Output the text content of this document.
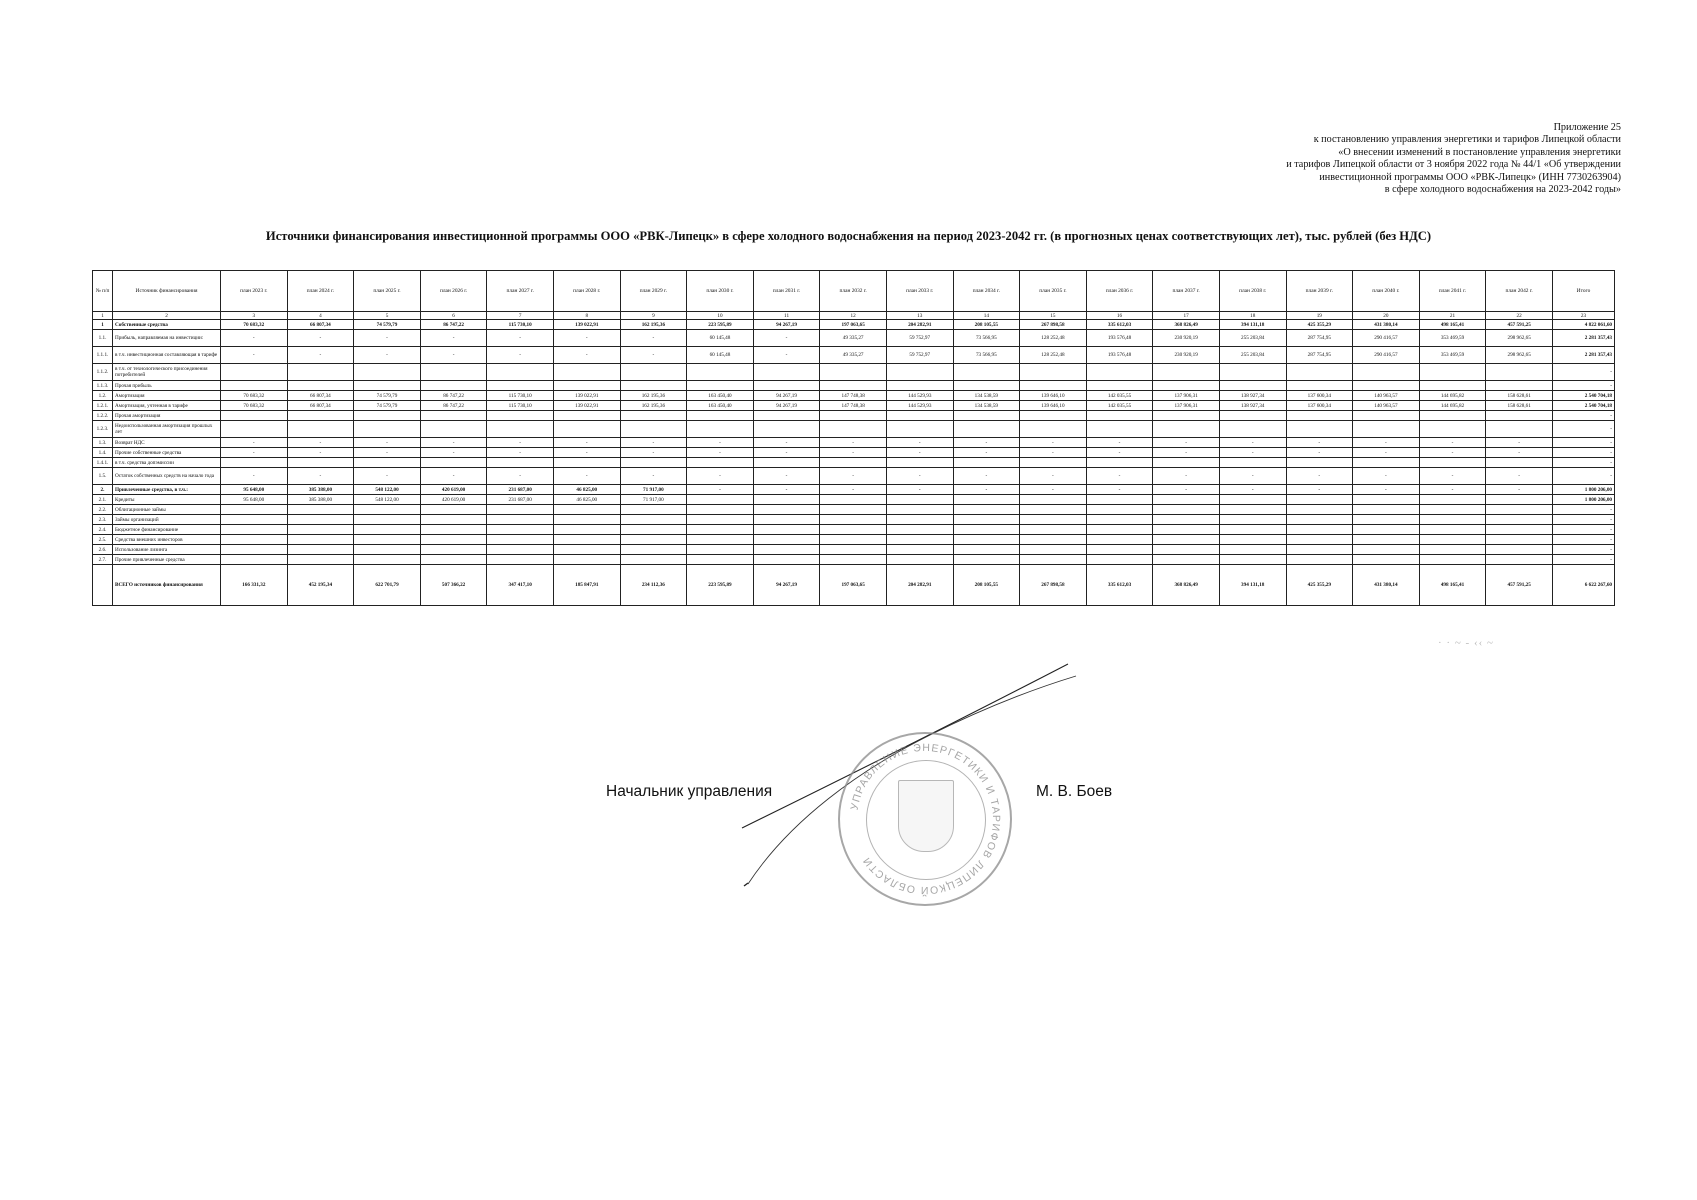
Приложение 25
к постановлению управления энергетики и тарифов Липецкой области
«О внесении изменений в постановление управления энергетики
и тарифов Липецкой области от 3 ноября 2022 года № 44/1 «Об утверждении
инвестиционной программы ООО «РВК-Липецк» (ИНН 7730263904)
в сфере холодного водоснабжения на 2023-2042 годы»
Источники финансирования инвестиционной программы ООО «РВК-Липецк» в сфере холодного водоснабжения на период 2023-2042 гг. (в прогнозных ценах соответствующих лет), тыс. рублей (без НДС)
№ п/п	Источник финансирования	план 2023 г.	план 2024 г.	план 2025 г.	план 2026 г.	план 2027 г.	план 2028 г.	план 2029 г.	план 2030 г.	план 2031 г.	план 2032 г.	план 2033 г.	план 2034 г.	план 2035 г.	план 2036 г.	план 2037 г.	план 2038 г.	план 2039 г.	план 2040 г.	план 2041 г.	план 2042 г.	Итого
1	2	3	4	5	6	7	8	9	10	11	12	13	14	15	16	17	18	19	20	21	22	23
1	Собственные средства	70 683,32	66 807,34	74 579,79	86 747,22	115 730,10	139 022,91	162 195,36	223 595,89	94 267,19	197 063,65	204 282,91	208 105,55	267 898,58	335 612,03	368 826,49	394 131,18	425 355,29	431 380,14	498 165,41	457 591,25	4 822 061,60
1.1.	Прибыль, направляемая на инвестиции:	-	-	-	-	-	-	-	60 145,48	-	49 335,27	59 752,97	73 566,95	128 252,48	193 576,48	230 920,19	255 203,84	287 754,95	290 416,57	353 469,59	298 962,65	2 281 357,43
1.1.1.	в т.ч. инвестиционная составляющая в тарифе	-	-	-	-	-	-	-	60 145,48	-	49 335,27	59 752,97	73 566,95	128 252,48	193 576,48	230 920,19	255 203,84	287 754,95	290 416,57	353 469,59	298 962,65	2 281 357,43
1.1.2.	в т.ч. от технологического присоединения потребителей																					-
1.1.3.	Прочая прибыль																					-
1.2.	Амортизация	70 683,32	66 807,34	74 579,79	86 747,22	115 730,10	139 022,91	162 195,36	163 450,40	94 267,19	147 748,38	144 529,93	134 538,59	139 646,10	142 035,55	137 906,31	138 927,34	137 600,34	140 963,57	144 695,82	158 628,61	2 540 704,18
1.2.1.	Амортизация, учтенная в тарифе	70 683,32	66 807,34	74 579,79	86 747,22	115 730,10	139 022,91	162 195,36	163 450,40	94 267,19	147 748,38	144 529,93	134 538,59	139 646,10	142 035,55	137 906,31	138 927,34	137 600,34	140 963,57	144 695,82	158 628,61	2 540 704,18
1.2.2.	Прочая амортизация																					-
1.2.3.	Недоиспользованная амортизация прошлых лет																					-
1.3.	Возврат НДС	-	-	-	-	-	-	-	-	-	-	-	-	-	-	-	-	-	-	-	-	-
1.4.	Прочие собственные средства	-	-	-	-	-	-	-	-	-	-	-	-	-	-	-	-	-	-	-	-	-
1.4.1.	в т.ч. средства допэмиссии																					-
1.5.	Остаток собственных средств на начало года	-	-	-	-	-	-	-	-	-	-	-	-	-	-	-	-	-	-	-	-	-
2.	Привлеченные средства, в т.ч.:	95 648,00	385 388,00	548 122,00	420 619,00	231 687,00	46 825,00	71 917,00	-	-	-	-	-	-	-	-	-	-	-	-	-	1 800 206,00
2.1.	Кредиты	95 648,00	385 388,00	548 122,00	420 619,00	231 687,00	46 825,00	71 917,00														1 800 206,00
2.2.	Облигационные займы																					-
2.3.	Займы организаций																					-
2.4.	Бюджетное финансирование																					-
2.5.	Средства внешних инвесторов																					-
2.6.	Использование лизинга																					-
2.7.	Прочие привлеченные средства																					-
	ВСЕГО источников финансирования	166 331,32	452 195,34	622 701,79	507 366,22	347 417,10	185 847,91	234 112,36	223 595,89	94 267,19	197 063,65	204 282,91	208 105,55	267 898,58	335 612,03	368 826,49	394 131,18	425 355,29	431 380,14	498 165,41	457 591,25	6 622 267,60
Начальник управления	М. В. Боев
УПРАВЛЕНИЕ ЭНЕРГЕТИКИ И ТАРИФОВ ЛИПЕЦКОЙ ОБЛАСТИ
· · ~ - ‹‹ ~
